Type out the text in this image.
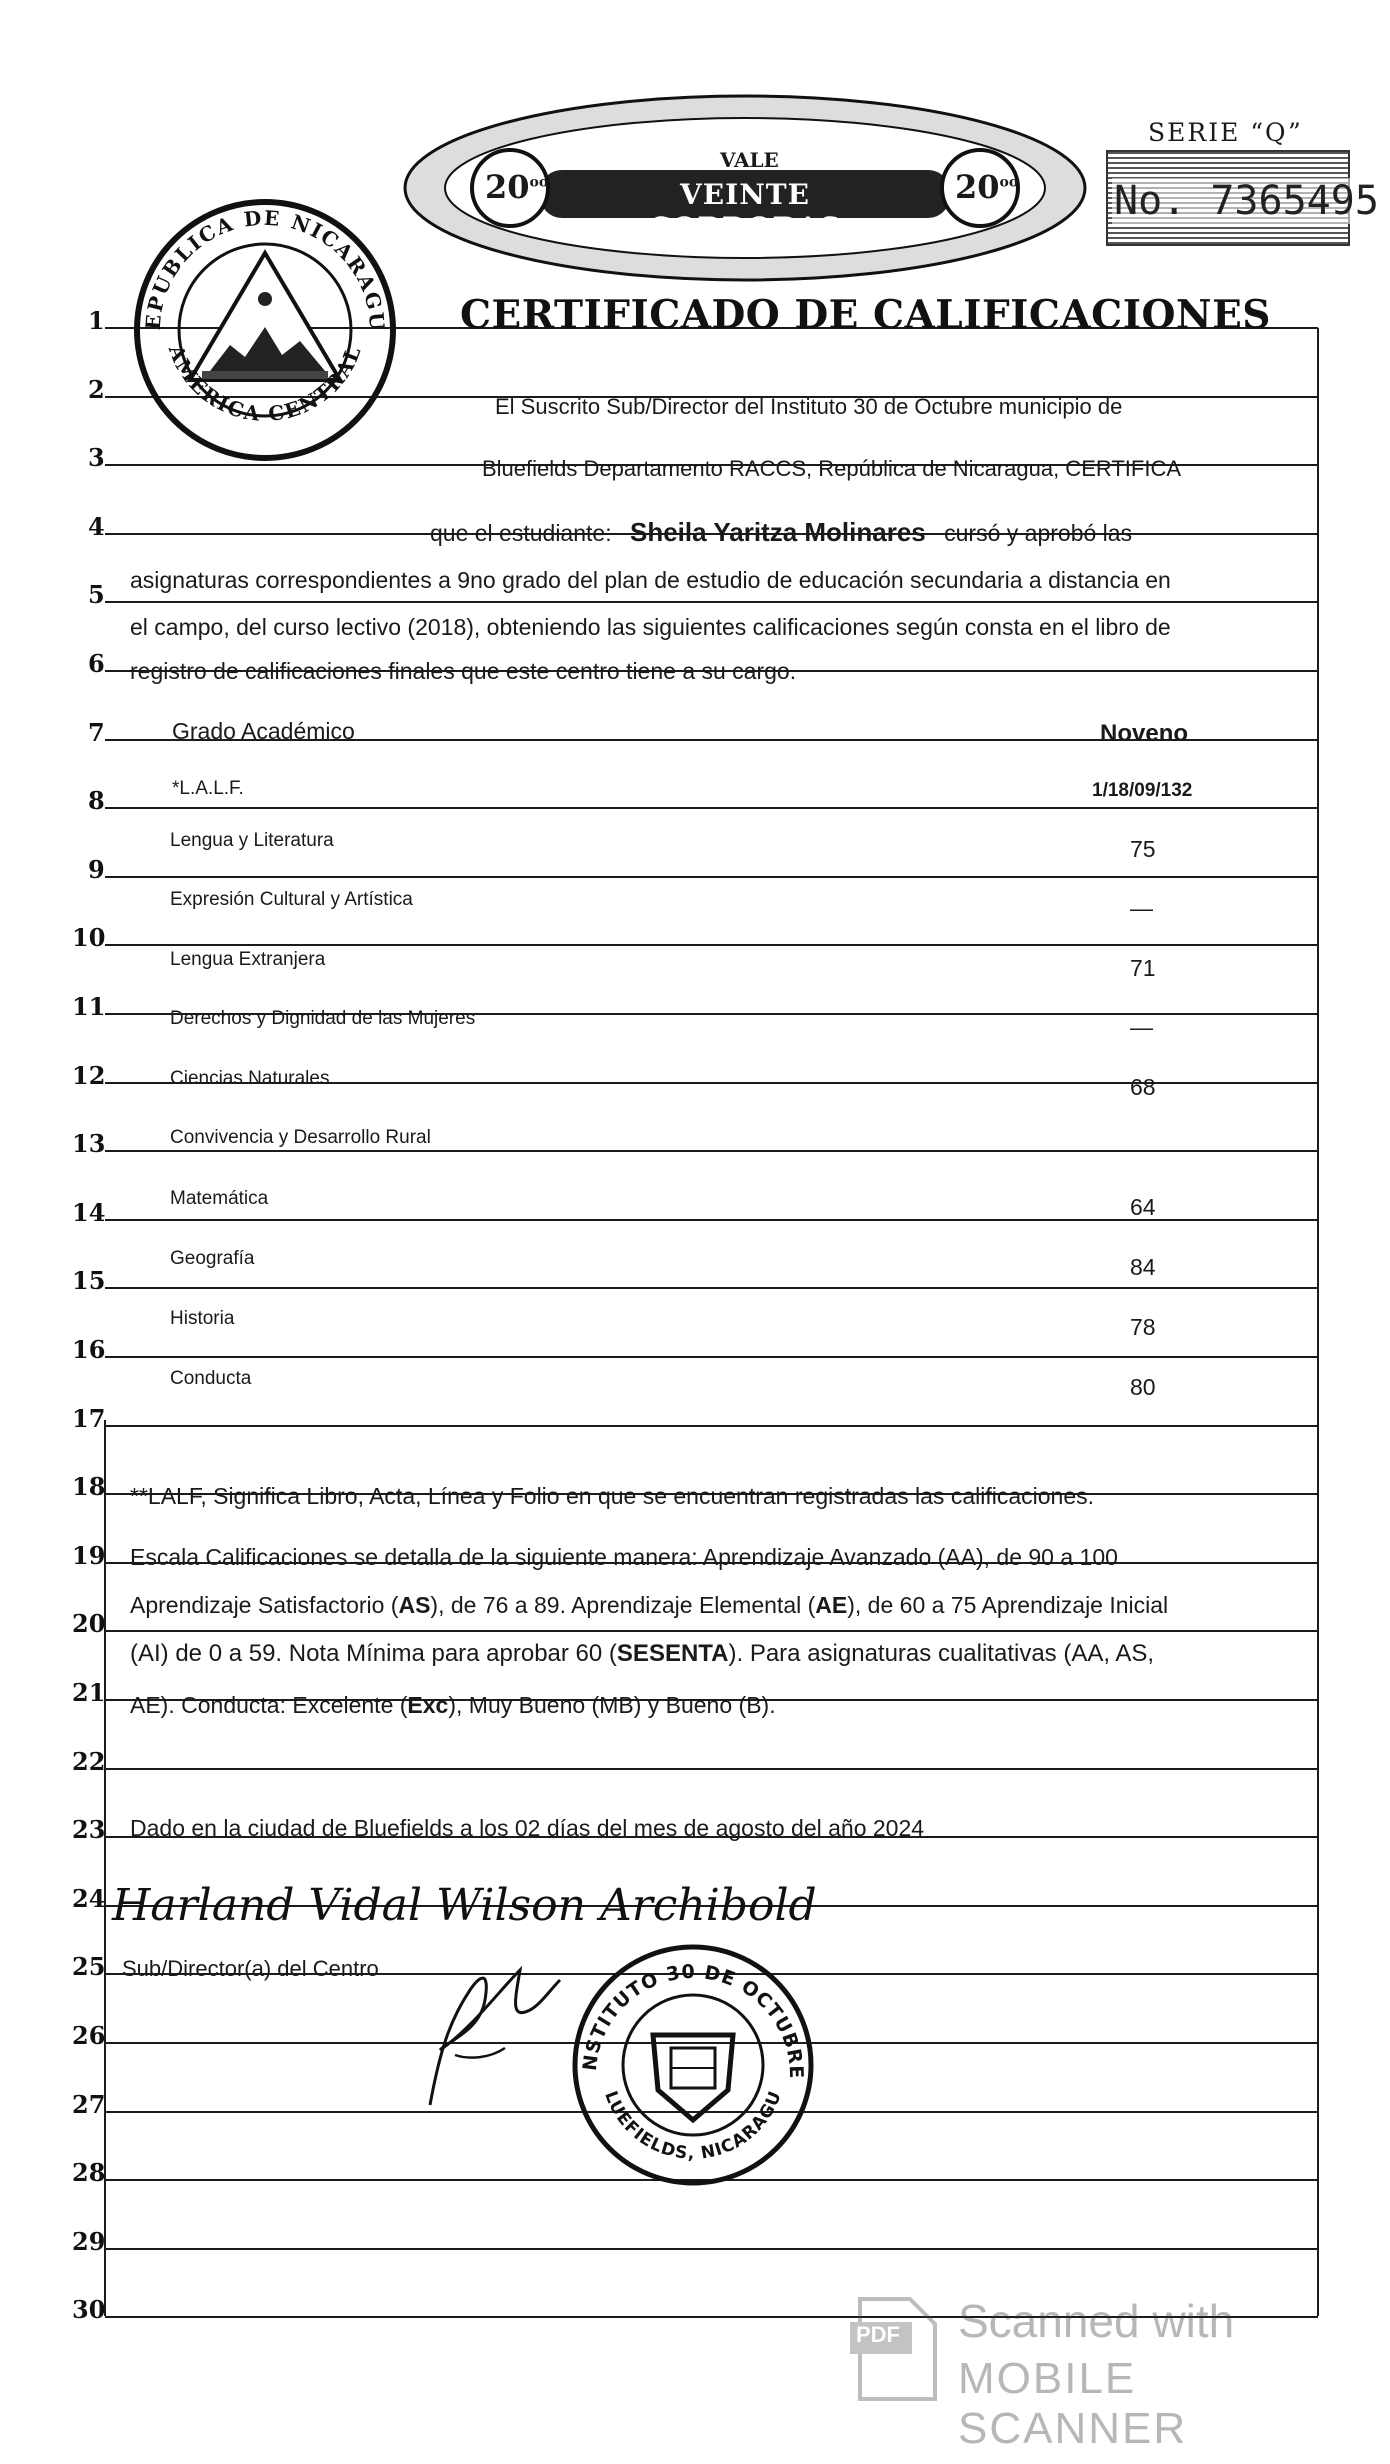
1
2
3
4
5
6
7
8
9
10
11
12
13
14
15
16
17
18
19
20
21
22
23
24
25
26
27
28
29
30
EPUBLICA DE NICARAGU
AMERICA CENTRAL
VALE
VEINTE CORDOBAS
$20^{oo}$	$20^{oo}$
SERIE “Q”
No. 7365495
CERTIFICADO DE CALIFICACIONES
El Suscrito Sub/Director del Instituto 30 de Octubre municipio de
Bluefields Departamento RACCS, República de Nicaragua, CERTIFICA
que el estudiante: Sheila Yaritza Molinares cursó y aprobó las
asignaturas correspondientes a 9no grado del plan de estudio de educación secundaria a distancia en
el campo, del curso lectivo (2018), obteniendo las siguientes calificaciones según consta en el libro de
registro de calificaciones finales que este centro tiene a su cargo.
Grado Académico	Noveno
*L.A.L.F.	1/18/09/132
Lengua y Literatura	75
Expresión Cultural y Artística	—
Lengua Extranjera	71
Derechos y Dignidad de las Mujeres	—
Ciencias Naturales	68
Convivencia y Desarrollo Rural
Matemática	64
Geografía	84
Historia	78
Conducta	80
**LALF, Significa Libro, Acta, Línea y Folio en que se encuentran registradas las calificaciones.
Escala Calificaciones se detalla de la siguiente manera: Aprendizaje Avanzado (AA), de 90 a 100
Aprendizaje Satisfactorio (AS), de 76 a 89. Aprendizaje Elemental (AE), de 60 a 75 Aprendizaje Inicial
(AI) de 0 a 59. Nota Mínima para aprobar 60 (SESENTA). Para asignaturas cualitativas (AA, AS,
AE). Conducta: Excelente (Exc), Muy Bueno (MB) y Bueno (B).
Dado en la ciudad de Bluefields a los 02 días del mes de agosto del año 2024
Harland Vidal Wilson Archibold
Sub/Director(a) del Centro
NSTITUTO 30 DE OCTUBRE
LUEFIELDS, NICARAGU
PDF Scanned with
MOBILE SCANNER
